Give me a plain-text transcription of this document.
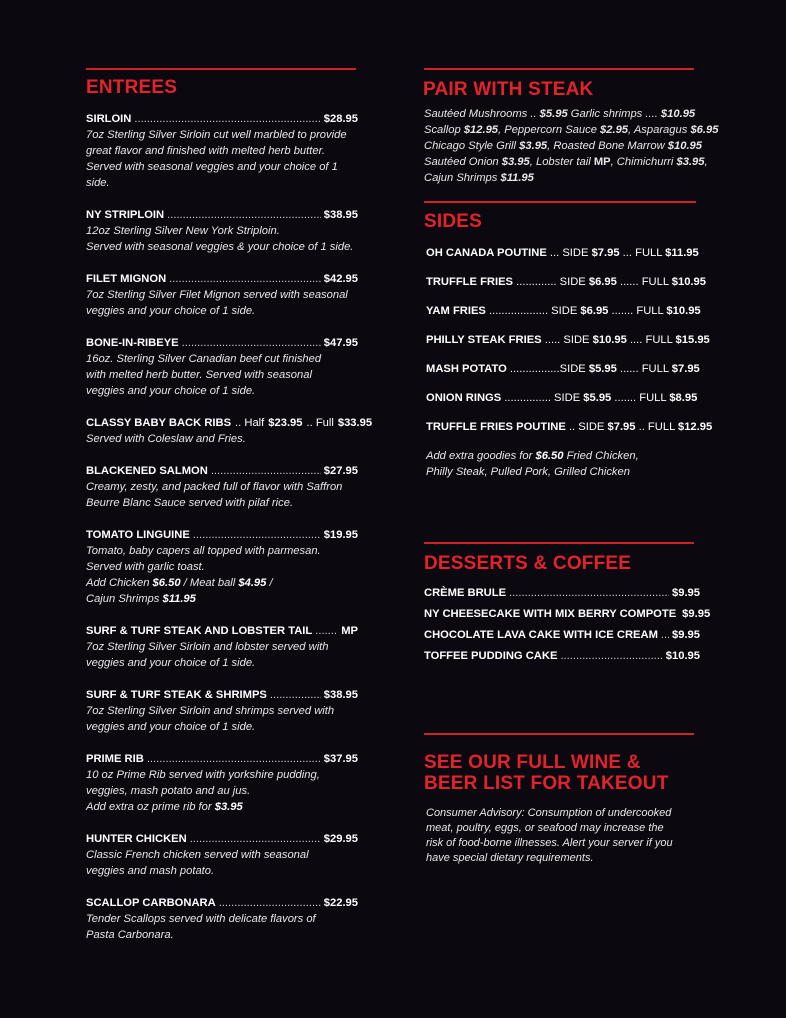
ENTREES
SIRLOIN .....	$28.95
7oz Sterling Silver Sirloin cut well marbled to provide
great flavor and finished with melted herb butter.
Served with seasonal veggies and your choice of 1 side.
NY STRIPLOIN .....	$38.95
12oz Sterling Silver New York Striploin.
Served with seasonal veggies & your choice of 1 side.
FILET MIGNON .....	$42.95
7oz Sterling Silver Filet Mignon served with seasonal
veggies and your choice of 1 side.
BONE-IN-RIBEYE .....	$47.95
16oz. Sterling Silver Canadian beef cut finished
with melted herb butter. Served with seasonal
veggies and your choice of 1 side.
CLASSY BABY BACK RIBS .. Half $23.95 .. Full $33.95
Served with Coleslaw and Fries.
BLACKENED SALMON .....	$27.95
Creamy, zesty, and packed full of flavor with Saffron
Beurre Blanc Sauce served with pilaf rice.
TOMATO LINGUINE .....	$19.95
Tomato, baby capers all topped with parmesan.
Served with garlic toast.
Add Chicken $6.50 / Meat ball $4.95 /
Cajun Shrimps $11.95
SURF & TURF STEAK AND LOBSTER TAIL .....	MP
7oz Sterling Silver Sirloin and lobster served with
veggies and your choice of 1 side.
SURF & TURF STEAK & SHRIMPS .....	$38.95
7oz Sterling Silver Sirloin and shrimps served with
veggies and your choice of 1 side.
PRIME RIB .....	$37.95
10 oz Prime Rib served with yorkshire pudding,
veggies, mash potato and au jus.
Add extra oz prime rib for $3.95
HUNTER CHICKEN .....	$29.95
Classic French chicken served with seasonal
veggies and mash potato.
SCALLOP CARBONARA .....	$22.95
Tender Scallops served with delicate flavors of
Pasta Carbonara.
PAIR WITH STEAK

Sautéed Mushrooms .. $5.95 Garlic shrimps .... $10.95

Scallop $12.95, Peppercorn Sauce $2.95, Asparagus $6.95

Chicago Style Grill $3.95, Roasted Bone Marrow $10.95

Sautéed Onion $3.95, Lobster tail MP, Chimichurri $3.95,

Cajun Shrimps $11.95

SIDES
OH CANADA POUTINE ... SIDE $7.95 ... FULL $11.95
TRUFFLE FRIES ............. SIDE $6.95 ...... FULL $10.95
YAM FRIES ................... SIDE $6.95 ....... FULL $10.95
PHILLY STEAK FRIES ..... SIDE $10.95 .... FULL $15.95
MASH POTATO ................SIDE $5.95 ...... FULL $7.95
ONION RINGS ............... SIDE $5.95 ....... FULL $8.95
TRUFFLE FRIES POUTINE .. SIDE $7.95 .. FULL $12.95
Add extra goodies for $6.50 Fried Chicken,
Philly Steak, Pulled Pork, Grilled Chicken
DESSERTS & COFFEE
CRÈME BRULE .....	$9.95
NY CHEESECAKE WITH MIX BERRY COMPOTE $9.95
CHOCOLATE LAVA CAKE WITH ICE CREAM ..... $9.95
TOFFEE PUDDING CAKE .....	$10.95
SEE OUR FULL WINE &
BEER LIST FOR TAKEOUT
Consumer Advisory: Consumption of undercooked
meat, poultry, eggs, or seafood may increase the
risk of food-borne illnesses. Alert your server if you
have special dietary requirements.
